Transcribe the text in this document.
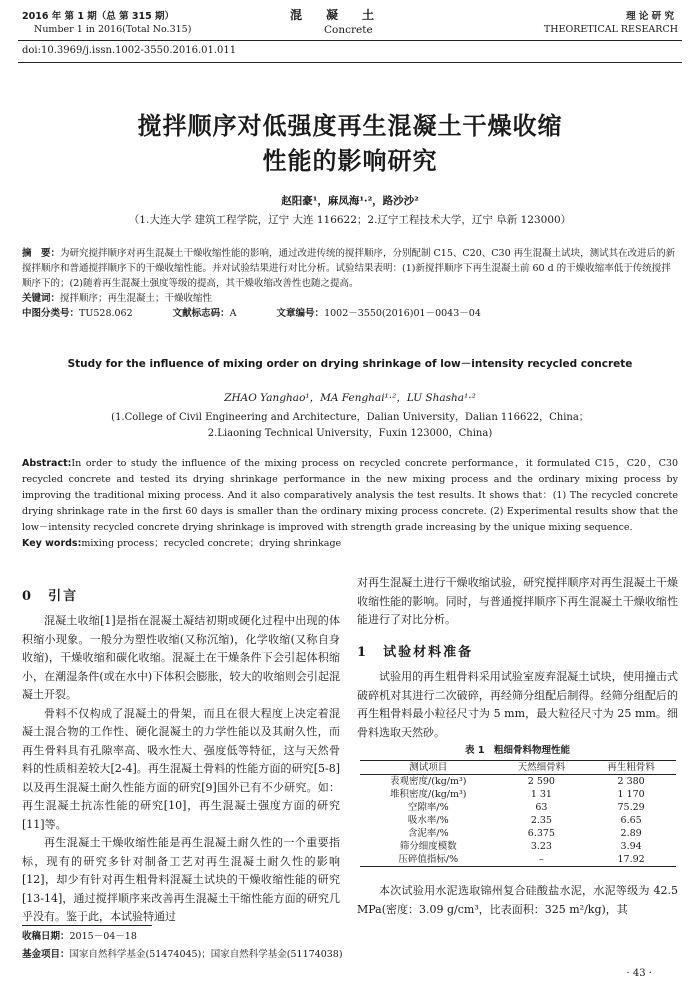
2016 年 第 1 期（总 第 315 期）
Number 1 in 2016(Total No.315)
混　　凝　　土
Concrete
理 论 研 究
THEORETICAL RESEARCH
doi:10.3969/j.issn.1002-3550.2016.01.011
搅拌顺序对低强度再生混凝土干燥收缩
性能的影响研究
赵阳豪¹，麻凤海¹·²，路沙沙²
（1.大连大学 建筑工程学院，辽宁 大连 116622；2.辽宁工程技术大学，辽宁 阜新 123000）
摘　要：为研究搅拌顺序对再生混凝土干燥收缩性能的影响，通过改进传统的搅拌顺序，分别配制 C15、C20、C30 再生混凝土试块，测试其在改进后的新搅拌顺序和普通搅拌顺序下的干燥收缩性能。并对试验结果进行对比分析。试验结果表明：(1)新搅拌顺序下再生混凝土前 60 d 的干燥收缩率低于传统搅拌顺序下的；(2)随着再生混凝土强度等级的提高，其干燥收缩改善性也随之提高。
关键词：搅拌顺序；再生混凝土；干燥收缩性
中图分类号：TU528.062	文献标志码：A	文章编号：1002－3550(2016)01－0043－04
Study for the influence of mixing order on drying shrinkage of low－intensity recycled concrete
ZHAO Yanghao¹，MA Fenghai¹·²，LU Shasha¹·²
(1.College of Civil Engineering and Architecture，Dalian University，Dalian 116622，China；
2.Liaoning Technical University，Fuxin 123000，China)
Abstract:In order to study the influence of the mixing process on recycled concrete performance，it formulated C15，C20，C30 recycled concrete and tested its drying shrinkage performance in the new mixing process and the ordinary mixing process by improving the traditional mixing process. And it also comparatively analysis the test results. It shows that：(1) The recycled concrete drying shrinkage rate in the first 60 days is smaller than the ordinary mixing process concrete. (2) Experimental results show that the low－intensity recycled concrete drying shrinkage is improved with strength grade increasing by the unique mixing sequence.
Key words:mixing process；recycled concrete；drying shrinkage
0　 引言

混凝土收缩[1]是指在混凝土凝结初期或硬化过程中出现的体积缩小现象。一般分为塑性收缩(又称沉缩)，化学收缩(又称自身收缩)，干燥收缩和碳化收缩。混凝土在干燥条件下会引起体积缩小，在潮湿条件(或在水中)下体积会膨胀，较大的收缩则会引起混凝土开裂。

骨料不仅构成了混凝土的骨架，而且在很大程度上决定着混凝土混合物的工作性、硬化混凝土的力学性能以及其耐久性，而再生骨料具有孔隙率高、吸水性大、强度低等特征，这与天然骨料的性质相差较大[2-4]。再生混凝土骨料的性能方面的研究[5-8]以及再生混凝土耐久性能方面的研究[9]国外已有不少研究。如：再生混凝土抗冻性能的研究[10]，再生混凝土强度方面的研究[11]等。

再生混凝土干燥收缩性能是再生混凝土耐久性的一个重要指标，现有的研究多针对制备工艺对再生混凝土耐久性的影响[12]，却少有针对再生粗骨料混凝土试块的干燥收缩性能的研究[13-14]，通过搅拌顺序来改善再生混凝土干缩性能方面的研究几乎没有。鉴于此，本试验特通过

对再生混凝土进行干燥收缩试验，研究搅拌顺序对再生混凝土干燥收缩性能的影响。同时，与普通搅拌顺序下再生混凝土干燥收缩性能进行了对比分析。

1　 试验材料准备

试验用的再生粗骨料采用试验室废弃混凝土试块，使用撞击式破碎机对其进行二次破碎，再经筛分组配后制得。经筛分组配后的再生粗骨料最小粒径尺寸为 5 mm，最大粒径尺寸为 25 mm。细骨料选取天然砂。

表 1　 粗细骨料物理性能
测试项目	天然细骨料	再生粗骨料
表观密度/(kg/m³)	2 590	2 380
堆积密度/(kg/m³)	1 31	1 170
空隙率/%	63	75.29
吸水率/%	2.35	6.65
含泥率/%	6.375	2.89
筛分细度模数	3.23	3.94
压碎值指标/%	–	17.92

本次试验用水泥选取锦州复合硅酸盐水泥，水泥等级为 42.5 MPa(密度：3.09 g/cm³，比表面积：325 m²/kg)，其

收稿日期：2015－04－18
基金项目：国家自然科学基金(51474045)；国家自然科学基金(51174038)
· 43 ·
